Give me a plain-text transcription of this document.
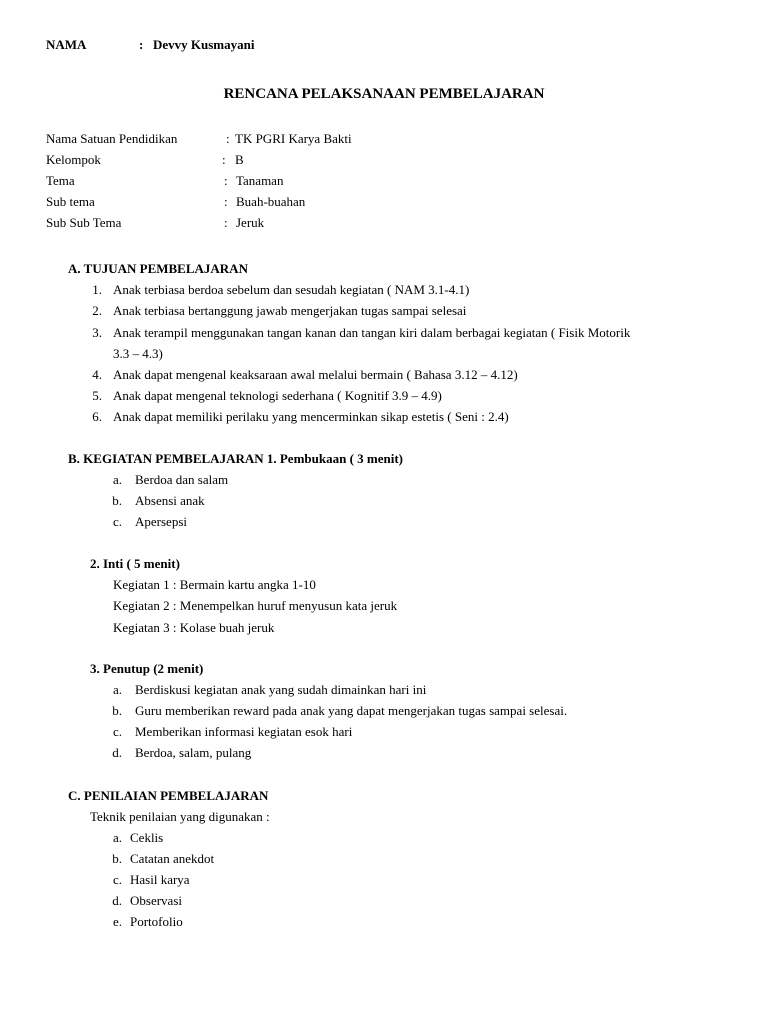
NAMA	: Devvy Kusmayani
RENCANA PELAKSANAAN PEMBELAJARAN
Nama Satuan Pendidikan	: TK PGRI Karya Bakti
Kelompok	: B
Tema	: Tanaman
Sub tema	: Buah-buahan
Sub Sub Tema	: Jeruk
A. TUJUAN PEMBELAJARAN
1. Anak terbiasa berdoa sebelum dan sesudah kegiatan ( NAM 3.1-4.1)
2. Anak terbiasa bertanggung jawab mengerjakan tugas sampai selesai
3. Anak terampil menggunakan tangan kanan dan tangan kiri dalam berbagai kegiatan ( Fisik Motorik
3.3 – 4.3)
4. Anak dapat mengenal keaksaraan awal melalui bermain ( Bahasa 3.12 – 4.12)
5. Anak dapat mengenal teknologi sederhana ( Kognitif 3.9 – 4.9)
6. Anak dapat memiliki perilaku yang mencerminkan sikap estetis ( Seni : 2.4)
B. KEGIATAN PEMBELAJARAN 1. Pembukaan ( 3 menit)
a. Berdoa dan salam
b. Absensi anak
c. Apersepsi
2. Inti ( 5 menit)
Kegiatan 1 : Bermain kartu angka 1-10
Kegiatan 2 : Menempelkan huruf menyusun kata jeruk
Kegiatan 3 : Kolase buah jeruk
3. Penutup (2 menit)
a. Berdiskusi kegiatan anak yang sudah dimainkan hari ini
b. Guru memberikan reward pada anak yang dapat mengerjakan tugas sampai selesai.
c. Memberikan informasi kegiatan esok hari
d. Berdoa, salam, pulang
C. PENILAIAN PEMBELAJARAN
Teknik penilaian yang digunakan :
a. Ceklis
b. Catatan anekdot
c. Hasil karya
d. Observasi
e. Portofolio
